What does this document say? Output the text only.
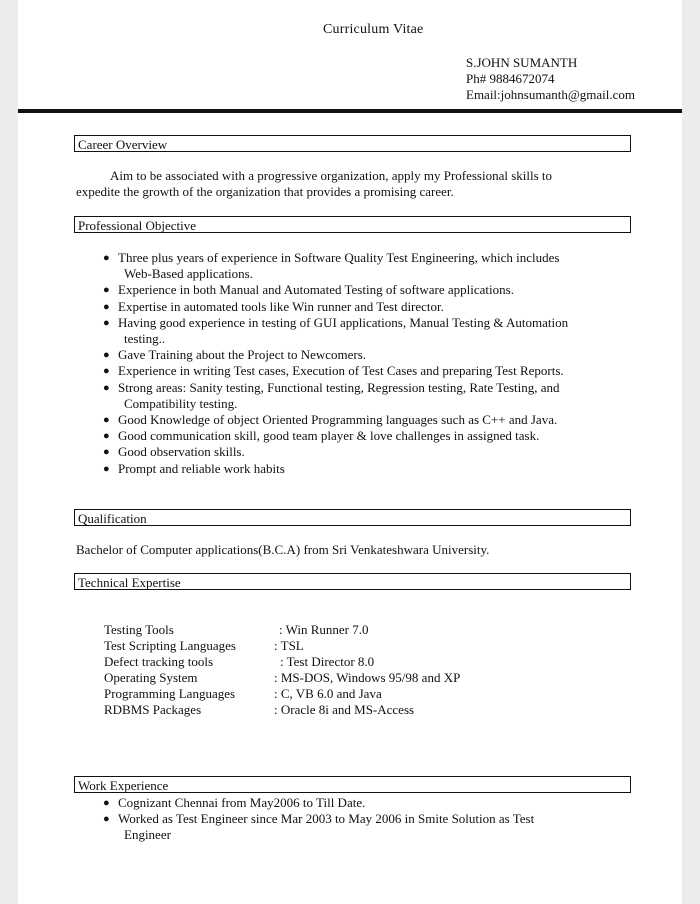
Curriculum Vitae
S.JOHN SUMANTH
Ph# 9884672074
Email:johnsumanth@gmail.com
Career Overview
Aim to be associated with a progressive organization, apply my Professional skills to
expedite the growth of the organization that provides a promising career.
Professional Objective
● Three plus years of experience in Software Quality Test Engineering, which includes
Web-Based applications.
● Experience in both Manual and Automated Testing of software applications.
● Expertise in automated tools like Win runner and Test director.
● Having good experience in testing of GUI applications, Manual Testing & Automation
testing..
● Gave Training about the Project to Newcomers.
● Experience in writing Test cases, Execution of Test Cases and preparing Test Reports.
● Strong areas: Sanity testing, Functional testing, Regression testing, Rate Testing, and
Compatibility testing.
● Good Knowledge of object Oriented Programming languages such as C++ and Java.
● Good communication skill, good team player & love challenges in assigned task.
● Good observation skills.
● Prompt and reliable work habits
Qualification
Bachelor of Computer applications(B.C.A) from Sri Venkateshwara University.
Technical Expertise
Testing Tools	: Win Runner 7.0
Test Scripting Languages	: TSL
Defect tracking tools	: Test Director 8.0
Operating System	: MS-DOS, Windows 95/98 and XP
Programming Languages	: C, VB 6.0 and Java
RDBMS Packages	: Oracle 8i and MS-Access
Work Experience
● Cognizant Chennai from May2006 to Till Date.
● Worked as Test Engineer since Mar 2003 to May 2006 in Smite Solution as Test
Engineer
